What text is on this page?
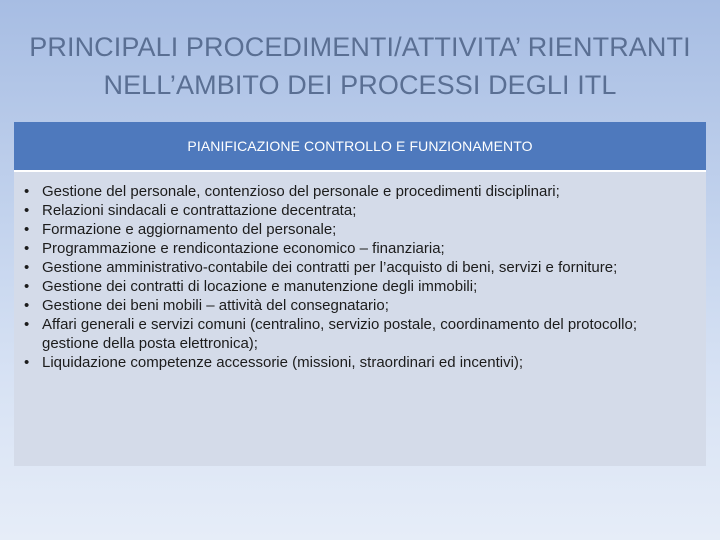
PRINCIPALI PROCEDIMENTI/ATTIVITA’ RIENTRANTI
NELL’AMBITO DEI PROCESSI DEGLI ITL
PIANIFICAZIONE CONTROLLO E FUNZIONAMENTO

• Gestione del personale, contenzioso del personale e procedimenti disciplinari;
• Relazioni sindacali e contrattazione decentrata;
• Formazione e aggiornamento del personale;
• Programmazione e rendicontazione economico – finanziaria;
• Gestione amministrativo-contabile dei contratti per l’acquisto di beni, servizi e forniture;
• Gestione dei contratti di locazione e manutenzione degli immobili;
• Gestione dei beni mobili – attività del consegnatario;
• Affari generali e servizi comuni (centralino, servizio postale, coordinamento del protocollo; gestione della posta elettronica);
• Liquidazione competenze accessorie (missioni, straordinari ed incentivi);
